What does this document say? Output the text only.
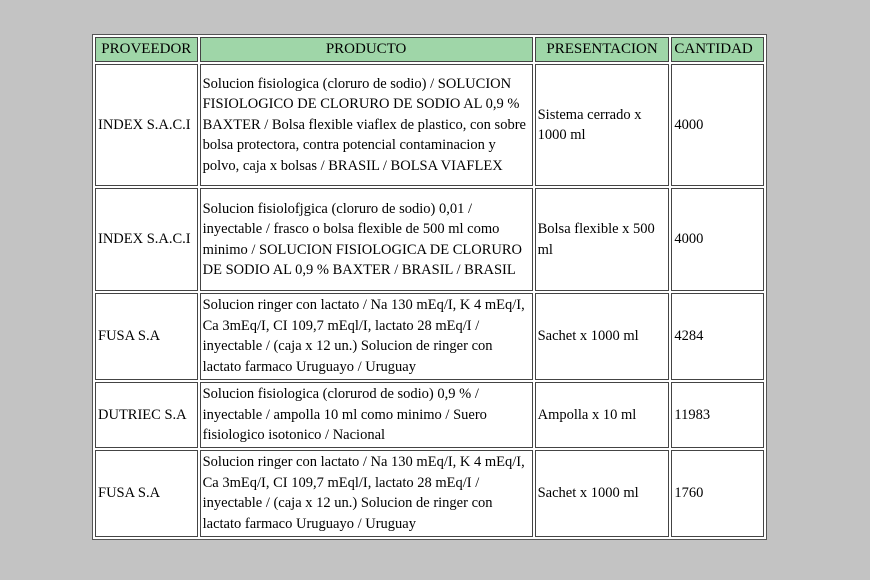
PROVEEDOR	PRODUCTO	PRESENTACION	CANTIDAD
INDEX S.A.C.I	Solucion fisiologica (cloruro de sodio) / SOLUCION FISIOLOGICO DE CLORURO DE SODIO AL 0,9 % BAXTER / Bolsa flexible viaflex de plastico, con sobre bolsa protectora, contra potencial contaminacion y polvo, caja x bolsas / BRASIL / BOLSA VIAFLEX	Sistema cerrado x 1000 ml	4000
INDEX S.A.C.I	Solucion fisiolofjgica (cloruro de sodio) 0,01 / inyectable / frasco o bolsa flexible de 500 ml como minimo / SOLUCION FISIOLOGICA DE CLORURO DE SODIO AL 0,9 % BAXTER / BRASIL / BRASIL	Bolsa flexible x 500 ml	4000
FUSA S.A	Solucion ringer con lactato / Na 130 mEq/I, K 4 mEq/I, Ca 3mEq/I, CI 109,7 mEql/I, lactato 28 mEq/I / inyectable / (caja x 12 un.) Solucion de ringer con lactato farmaco Uruguayo / Uruguay	Sachet x 1000 ml	4284
DUTRIEC S.A	Solucion fisiologica (clorurod de sodio) 0,9 % / inyectable / ampolla 10 ml como minimo / Suero fisiologico isotonico / Nacional	Ampolla x 10 ml	11983
FUSA S.A	Solucion ringer con lactato / Na 130 mEq/I, K 4 mEq/I, Ca 3mEq/I, CI 109,7 mEql/I, lactato 28 mEq/I / inyectable / (caja x 12 un.) Solucion de ringer con lactato farmaco Uruguayo / Uruguay	Sachet x 1000 ml	1760
